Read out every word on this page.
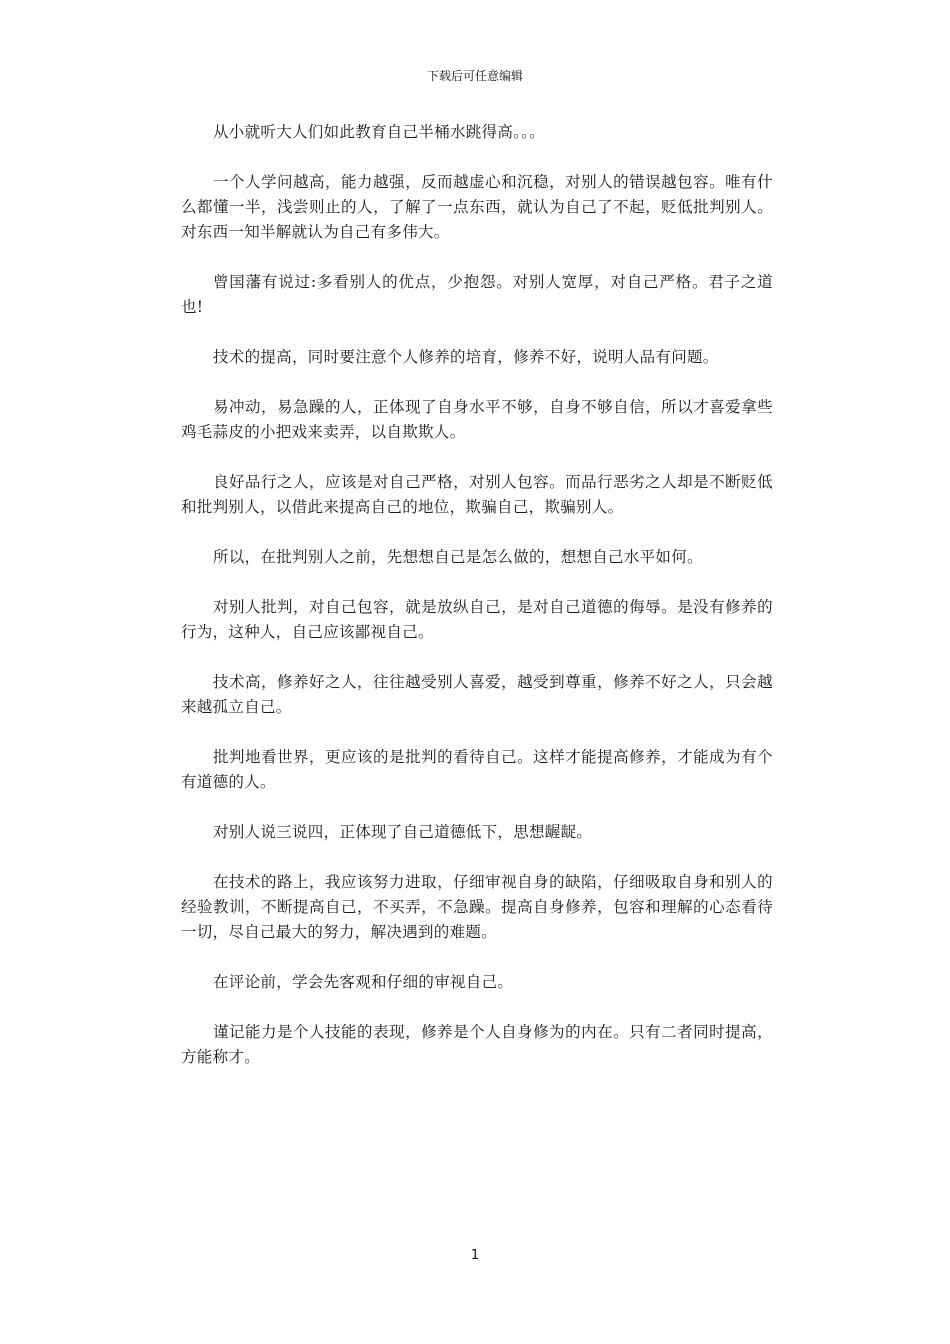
下载后可任意编辑

从小就听大人们如此教育自己半桶水跳得高。。。

一个人学问越高，能力越强，反而越虚心和沉稳，对别人的错误越包容。唯有什么都懂一半，浅尝则止的人，了解了一点东西，就认为自己了不起，贬低批判别人。对东西一知半解就认为自己有多伟大。

曾国藩有说过:多看别人的优点，少抱怨。对别人宽厚，对自己严格。君子之道也!

技术的提高，同时要注意个人修养的培育，修养不好，说明人品有问题。

易冲动，易急躁的人，正体现了自身水平不够，自身不够自信，所以才喜爱拿些鸡毛蒜皮的小把戏来卖弄，以自欺欺人。

良好品行之人，应该是对自己严格，对别人包容。而品行恶劣之人却是不断贬低和批判别人，以借此来提高自己的地位，欺骗自己，欺骗别人。

所以，在批判别人之前，先想想自己是怎么做的，想想自己水平如何。

对别人批判，对自己包容，就是放纵自己，是对自己道德的侮辱。是没有修养的行为，这种人，自己应该鄙视自己。

技术高，修养好之人，往往越受别人喜爱，越受到尊重，修养不好之人，只会越来越孤立自己。

批判地看世界，更应该的是批判的看待自己。这样才能提高修养，才能成为有个有道德的人。

对别人说三说四，正体现了自己道德低下，思想龌龊。

在技术的路上，我应该努力进取，仔细审视自身的缺陷，仔细吸取自身和别人的经验教训，不断提高自己，不买弄，不急躁。提高自身修养，包容和理解的心态看待一切，尽自己最大的努力，解决遇到的难题。

在评论前，学会先客观和仔细的审视自己。

谨记能力是个人技能的表现，修养是个人自身修为的内在。只有二者同时提高，方能称才。

1
